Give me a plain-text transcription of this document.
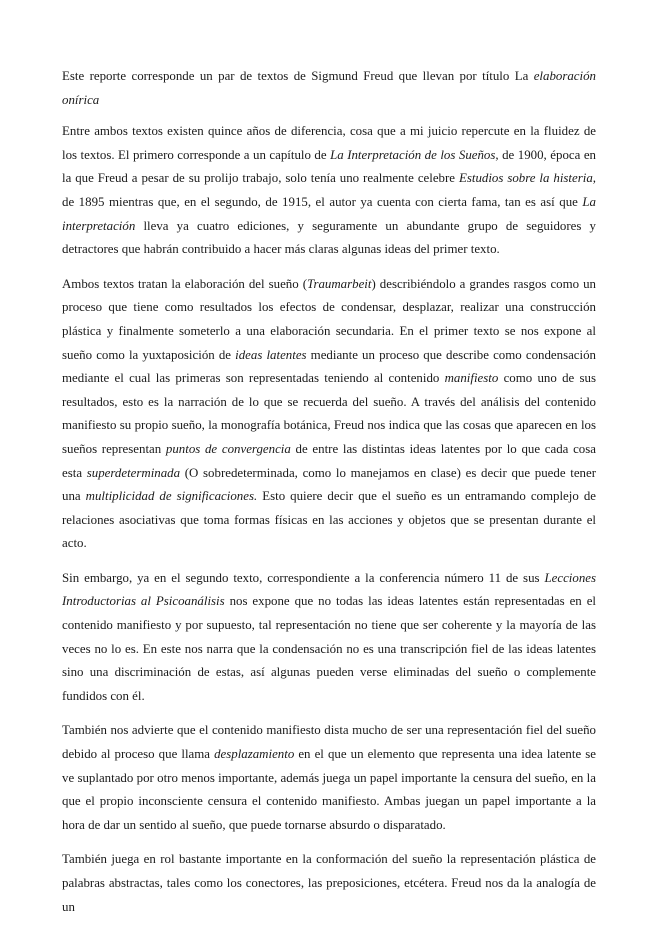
Este reporte corresponde un par de textos de Sigmund Freud que llevan por título La elaboración onírica

Entre ambos textos existen quince años de diferencia, cosa que a mi juicio repercute en la fluidez de los textos. El primero corresponde a un capítulo de La Interpretación de los Sueños, de 1900, época en la que Freud a pesar de su prolijo trabajo, solo tenía uno realmente celebre Estudios sobre la histeria, de 1895 mientras que, en el segundo, de 1915, el autor ya cuenta con cierta fama, tan es así que La interpretación lleva ya cuatro ediciones, y seguramente un abundante grupo de seguidores y detractores que habrán contribuido a hacer más claras algunas ideas del primer texto.

Ambos textos tratan la elaboración del sueño (Traumarbeit) describiéndolo a grandes rasgos como un proceso que tiene como resultados los efectos de condensar, desplazar, realizar una construcción plástica y finalmente someterlo a una elaboración secundaria. En el primer texto se nos expone al sueño como la yuxtaposición de ideas latentes mediante un proceso que describe como condensación mediante el cual las primeras son representadas teniendo al contenido manifiesto como uno de sus resultados, esto es la narración de lo que se recuerda del sueño. A través del análisis del contenido manifiesto su propio sueño, la monografía botánica, Freud nos indica que las cosas que aparecen en los sueños representan puntos de convergencia de entre las distintas ideas latentes por lo que cada cosa esta superdeterminada (O sobredeterminada, como lo manejamos en clase) es decir que puede tener una multiplicidad de significaciones. Esto quiere decir que el sueño es un entramando complejo de relaciones asociativas que toma formas físicas en las acciones y objetos que se presentan durante el acto.

Sin embargo, ya en el segundo texto, correspondiente a la conferencia número 11 de sus Lecciones Introductorias al Psicoanálisis nos expone que no todas las ideas latentes están representadas en el contenido manifiesto y por supuesto, tal representación no tiene que ser coherente y la mayoría de las veces no lo es. En este nos narra que la condensación no es una transcripción fiel de las ideas latentes sino una discriminación de estas, así algunas pueden verse eliminadas del sueño o complemente fundidos con él.

También nos advierte que el contenido manifiesto dista mucho de ser una representación fiel del sueño debido al proceso que llama desplazamiento en el que un elemento que representa una idea latente se ve suplantado por otro menos importante, además juega un papel importante la censura del sueño, en la que el propio inconsciente censura el contenido manifiesto. Ambas juegan un papel importante a la hora de dar un sentido al sueño, que puede tornarse absurdo o disparatado.

También juega en rol bastante importante en la conformación del sueño la representación plástica de palabras abstractas, tales como los conectores, las preposiciones, etcétera. Freud nos da la analogía de un
